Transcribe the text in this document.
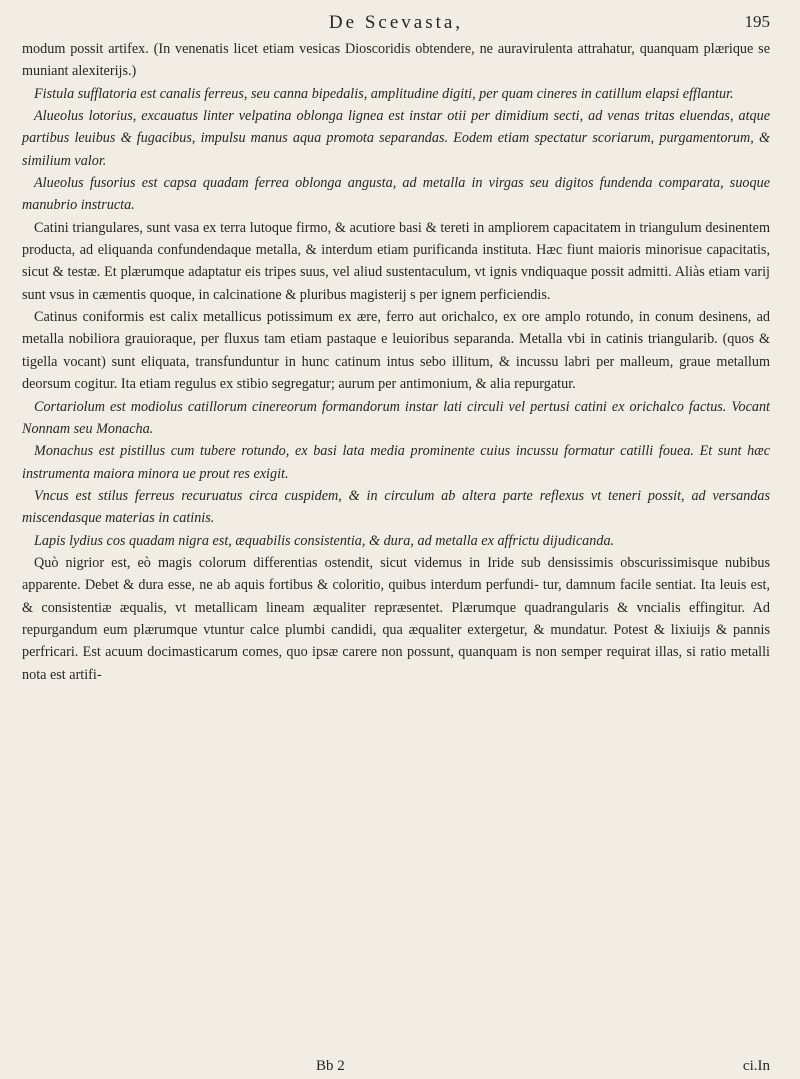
De Scevasta,	195

modum possit artifex. (In venenatis licet etiam vesicas Dioscoridis obtendere, ne auravirulenta attrahatur, quanquam plærique se muniant alexiterijs.)

Fistula sufflatoria est canalis ferreus, seu canna bipedalis, amplitudine digiti, per quam cineres in catillum elapsi efflantur.

Alueolus lotorius, excauatus linter velpatina oblonga lignea est instar otii per dimidium secti, ad venas tritas eluendas, atque partibus leuibus & fugacibus, impulsu manus aqua promota separandas. Eodem etiam spectatur scoriarum, purgamentorum, & similium valor.

Alueolus fusorius est capsa quadam ferrea oblonga angusta, ad metalla in virgas seu digitos fundenda comparata, suoque manubrio instructa.

Catini triangulares, sunt vasa ex terra lutoque firmo, & acutiore basi & tereti in ampliorem capacitatem in triangulum desinentem producta, ad eliquanda confundendaque metalla, & interdum etiam purificanda instituta. Hæc fiunt maioris minorisue capacitatis, sicut & testæ. Et plærumque adaptatur eis tripes suus, vel aliud sustentaculum, vt ignis vndiquaque possit admitti. Aliàs etiam varij sunt vsus in cæmentis quoque, in calcinatione & pluribus magisterij s per ignem perficiendis.

Catinus coniformis est calix metallicus potissimum ex ære, ferro aut orichalco, ex ore amplo rotundo, in conum desinens, ad metalla nobiliora grauioraque, per fluxus tam etiam pastaque e leuioribus separanda. Metalla vbi in catinis triangularib. (quos & tigella vocant) sunt eliquata, transfunduntur in hunc catinum intus sebo illitum, & incussu labri per malleum, graue metallum deorsum cogitur. Ita etiam regulus ex stibio segregatur; aurum per antimonium, & alia repurgatur.

Cortariolum est modiolus catillorum cinereorum formandorum instar lati circuli vel pertusi catini ex orichalco factus. Vocant Nonnam seu Monacha.

Monachus est pistillus cum tubere rotundo, ex basi lata media prominente cuius incussu formatur catilli fouea. Et sunt hæc instrumenta maiora minora ue prout res exigit.

Vncus est stilus ferreus recuruatus circa cuspidem, & in circulum ab altera parte reflexus vt teneri possit, ad versandas miscendasque materias in catinis.

Lapis lydius cos quadam nigra est, æquabilis consistentia, & dura, ad metalla ex affrictu dijudicanda.

Quò nigrior est, eò magis colorum differentias ostendit, sicut videmus in Iride sub densissimis obscurissimisque nubibus apparente. Debet & dura esse, ne ab aquis fortibus & coloritio, quibus interdum perfundi- tur, damnum facile sentiat. Ita leuis est, & consistentiæ æqualis, vt metallicam lineam æqualiter repræsentet. Plærumque quadrangularis & vncialis effingitur. Ad repurgandum eum plærumque vtuntur calce plumbi candidi, qua æqualiter extergetur, & mundatur. Potest & lixiuijs & pannis perfricari. Est acuum docimasticarum comes, quo ipsæ carere non possunt, quanquam is non semper requirat illas, si ratio metalli nota est artifi-

Bb 2	ci.In
